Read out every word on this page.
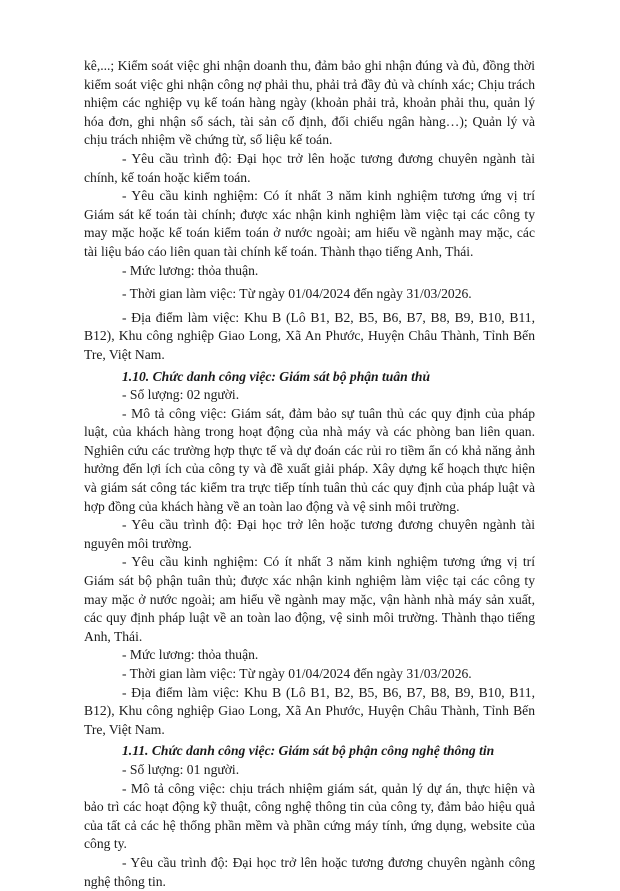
kê,...; Kiểm soát việc ghi nhận doanh thu, đảm bảo ghi nhận đúng và đủ, đồng thời kiểm soát việc ghi nhận công nợ phải thu, phải trả đầy đủ và chính xác; Chịu trách nhiệm các nghiệp vụ kế toán hàng ngày (khoản phải trả, khoản phải thu, quản lý hóa đơn, ghi nhận sổ sách, tài sản cố định, đối chiếu ngân hàng…); Quản lý và chịu trách nhiệm về chứng từ, số liệu kế toán.

- Yêu cầu trình độ: Đại học trở lên hoặc tương đương chuyên ngành tài chính, kế toán hoặc kiểm toán.

- Yêu cầu kinh nghiệm: Có ít nhất 3 năm kinh nghiệm tương ứng vị trí Giám sát kế toán tài chính; được xác nhận kinh nghiệm làm việc tại các công ty may mặc hoặc kế toán kiểm toán ở nước ngoài; am hiểu về ngành may mặc, các tài liệu báo cáo liên quan tài chính kế toán. Thành thạo tiếng Anh, Thái.

- Mức lương: thỏa thuận.

- Thời gian làm việc: Từ ngày 01/04/2024 đến ngày 31/03/2026.

- Địa điểm làm việc: Khu B (Lô B1, B2, B5, B6, B7, B8, B9, B10, B11, B12), Khu công nghiệp Giao Long, Xã An Phước, Huyện Châu Thành, Tỉnh Bến Tre, Việt Nam.

1.10. Chức danh công việc: Giám sát bộ phận tuân thủ

- Số lượng: 02 người.

- Mô tả công việc: Giám sát, đảm bảo sự tuân thủ các quy định của pháp luật, của khách hàng trong hoạt động của nhà máy và các phòng ban liên quan. Nghiên cứu các trường hợp thực tế và dự đoán các rủi ro tiềm ẩn có khả năng ảnh hưởng đến lợi ích của công ty và đề xuất giải pháp. Xây dựng kế hoạch thực hiện và giám sát công tác kiểm tra trực tiếp tính tuân thủ các quy định của pháp luật và hợp đồng của khách hàng về an toàn lao động và vệ sinh môi trường.

- Yêu cầu trình độ: Đại học trở lên hoặc tương đương chuyên ngành tài nguyên môi trường.

- Yêu cầu kinh nghiệm: Có ít nhất 3 năm kinh nghiệm tương ứng vị trí Giám sát bộ phận tuân thủ; được xác nhận kinh nghiệm làm việc tại các công ty may mặc ở nước ngoài; am hiểu về ngành may mặc, vận hành nhà máy sản xuất, các quy định pháp luật về an toàn lao động, vệ sinh môi trường. Thành thạo tiếng Anh, Thái.

- Mức lương: thỏa thuận.

- Thời gian làm việc: Từ ngày 01/04/2024 đến ngày 31/03/2026.

- Địa điểm làm việc: Khu B (Lô B1, B2, B5, B6, B7, B8, B9, B10, B11, B12), Khu công nghiệp Giao Long, Xã An Phước, Huyện Châu Thành, Tỉnh Bến Tre, Việt Nam.

1.11. Chức danh công việc: Giám sát bộ phận công nghệ thông tin

- Số lượng: 01 người.

- Mô tả công việc: chịu trách nhiệm giám sát, quản lý dự án, thực hiện và bảo trì các hoạt động kỹ thuật, công nghệ thông tin của công ty, đảm bảo hiệu quả của tất cả các hệ thống phần mềm và phần cứng máy tính, ứng dụng, website của công ty.

- Yêu cầu trình độ: Đại học trở lên hoặc tương đương chuyên ngành công nghệ thông tin.
